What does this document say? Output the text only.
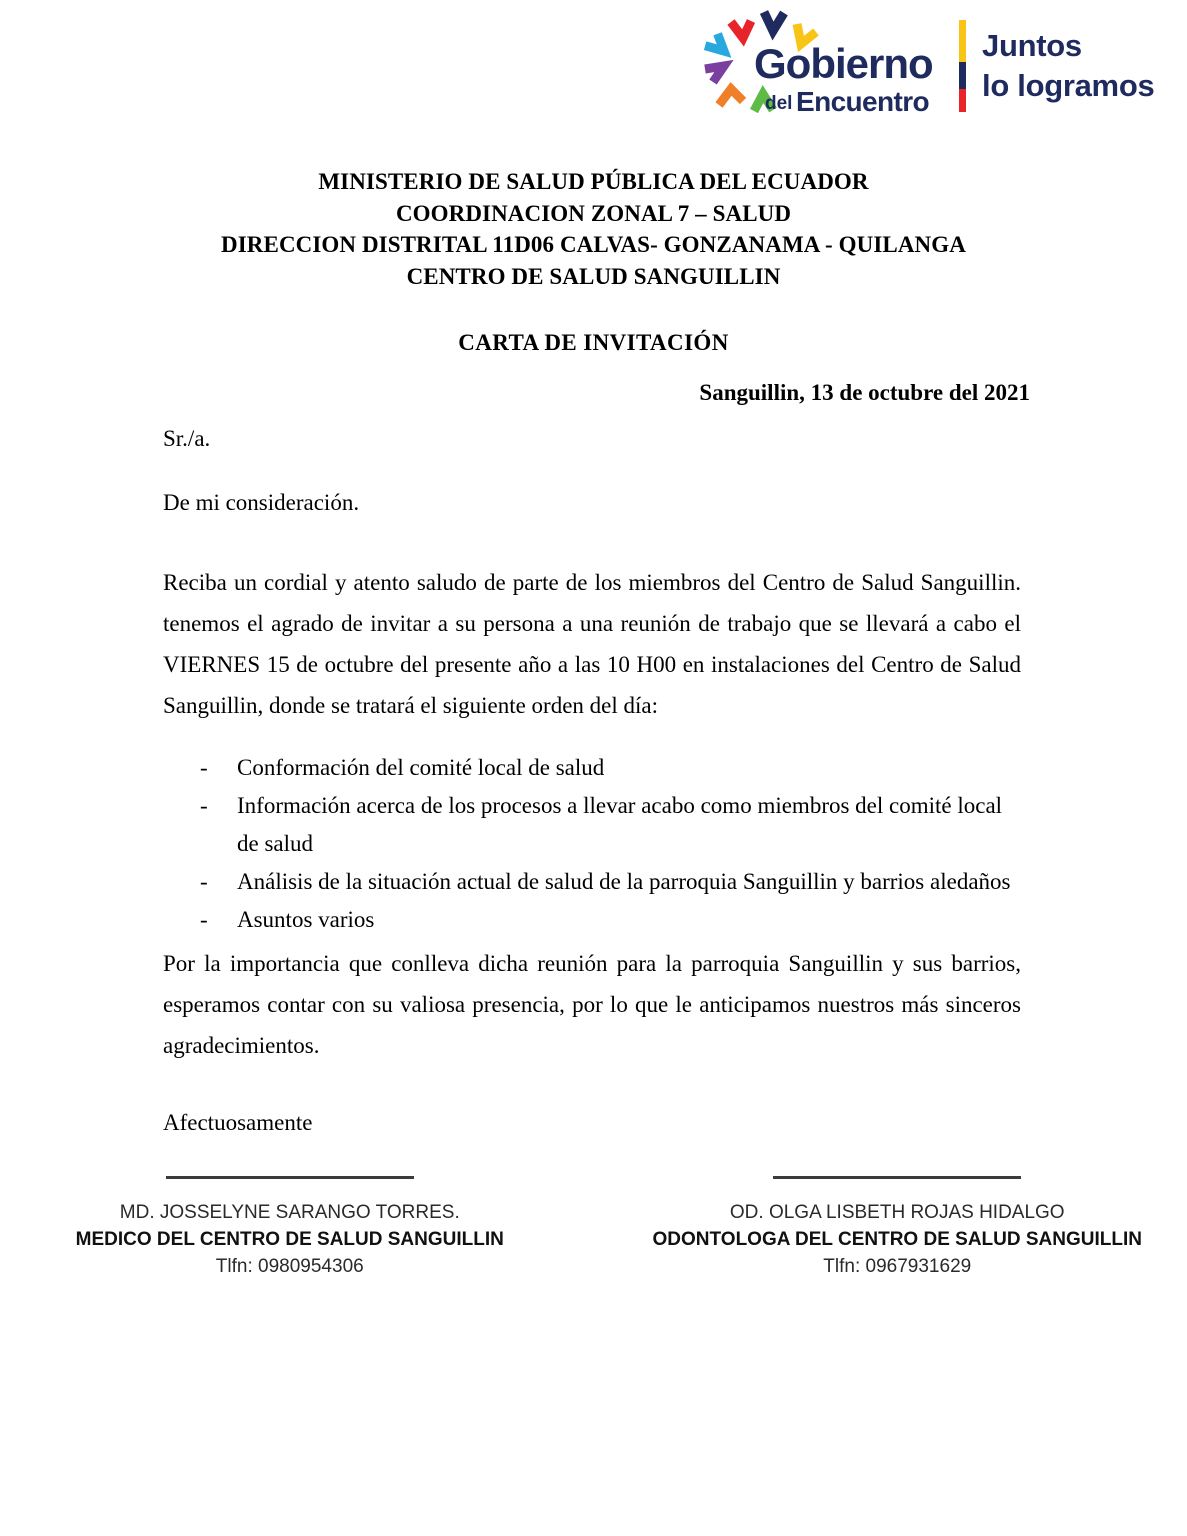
Gobierno
del Encuentro
Juntos
lo logramos
MINISTERIO DE SALUD PÚBLICA DEL ECUADOR
COORDINACION ZONAL 7 – SALUD
DIRECCION DISTRITAL 11D06 CALVAS- GONZANAMA - QUILANGA
CENTRO DE SALUD SANGUILLIN
CARTA DE INVITACIÓN
Sanguillin, 13 de octubre del 2021
Sr./a.
De mi consideración.

Reciba un cordial y atento saludo de parte de los miembros del Centro de Salud Sanguillin. tenemos el agrado de invitar a su persona a una reunión de trabajo que se llevará a cabo el VIERNES 15 de octubre del presente año a las 10 H00 en instalaciones del Centro de Salud Sanguillin, donde se tratará el siguiente orden del día:

- Conformación del comité local de salud
- Información acerca de los procesos a llevar acabo como miembros del comité local de salud
- Análisis de la situación actual de salud de la parroquia Sanguillin y barrios aledaños
- Asuntos varios

Por la importancia que conlleva dicha reunión para la parroquia Sanguillin y sus barrios, esperamos contar con su valiosa presencia, por lo que le anticipamos nuestros más sinceros agradecimientos.

Afectuosamente
MD. JOSSELYNE SARANGO TORRES.
MEDICO DEL CENTRO DE SALUD SANGUILLIN
Tlfn: 0980954306
OD. OLGA LISBETH ROJAS HIDALGO
ODONTOLOGA DEL CENTRO DE SALUD SANGUILLIN
Tlfn: 0967931629
